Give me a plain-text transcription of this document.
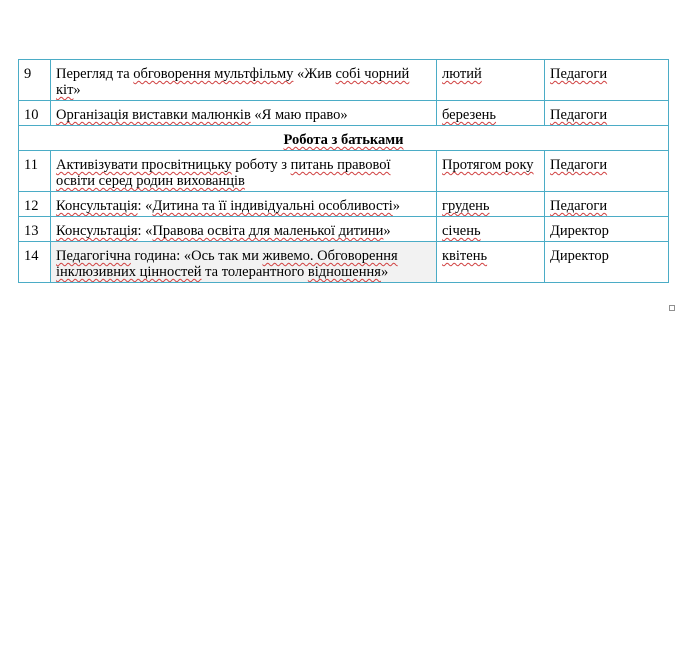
9	Перегляд та обговорення мультфільму «Жив собі чорний кіт»	лютий	Педагоги
10	Організація виставки малюнків «Я маю право»	березень	Педагоги
Робота з батьками			
11	Активізувати просвітницьку роботу з питань правової освіти серед родин вихованців	Протягом року	Педагоги
12	Консультація: «Дитина та її індивідуальні особливості»	грудень	Педагоги
13	Консультація: «Правова освіта для маленької дитини»	січень	Директор
14	Педагогічна година: «Ось так ми живемо. Обговорення інклюзивних цінностей та толерантного відношення»	квітень	Директор
